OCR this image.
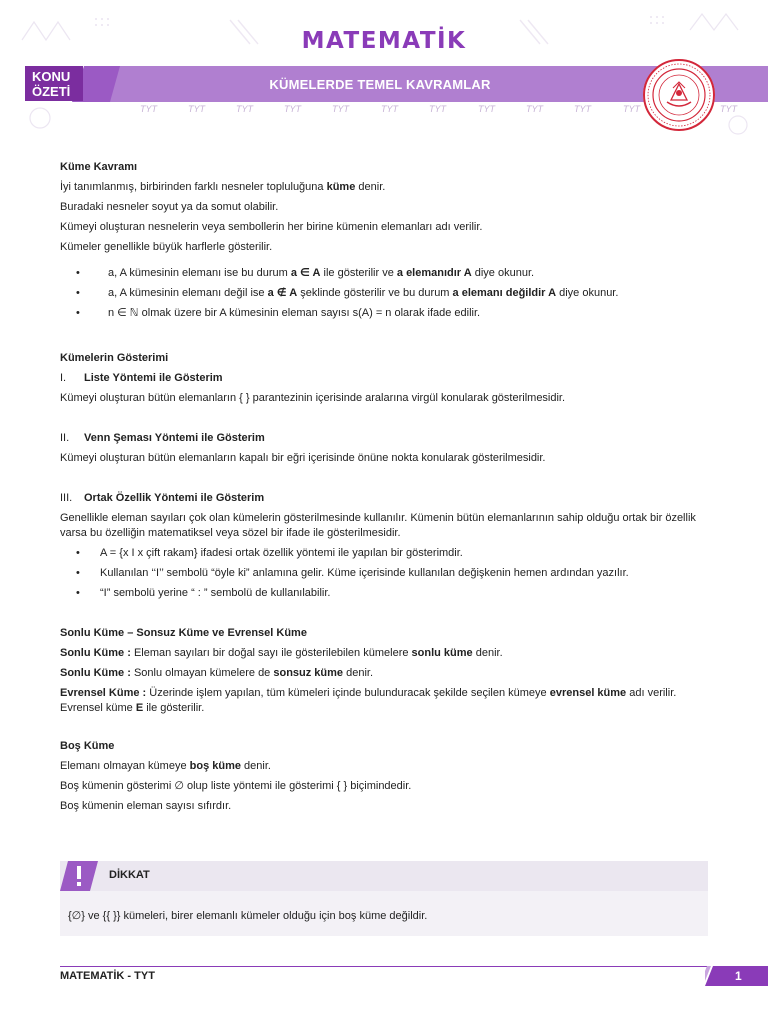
MATEMATİK
KONU
ÖZETİ	KÜMELERDE TEMEL KAVRAMLAR
TYT	TYT	TYT	TYT	TYT	TYT	TYT	TYT	TYT	TYT	TYT	TYT

Küme Kavramı

İyi tanımlanmış, birbirinden farklı nesneler topluluğuna küme denir.

Buradaki nesneler soyut ya da somut olabilir.

Kümeyi oluşturan nesnelerin veya sembollerin her birine kümenin elemanları adı verilir.

Kümeler genellikle büyük harflerle gösterilir.

•	a, A kümesinin elemanı ise bu durum a ∈ A ile gösterilir ve a elemanıdır A diye okunur.

•	a, A kümesinin elemanı değil ise a ∉ A şeklinde gösterilir ve bu durum a elemanı değildir A diye okunur.

•	n ∈ ℕ olmak üzere bir A kümesinin eleman sayısı s(A) = n olarak ifade edilir.

Kümelerin Gösterimi

I. Liste Yöntemi ile Gösterim

Kümeyi oluşturan bütün elemanların { } parantezinin içerisinde aralarına virgül konularak gösterilmesidir.

II. Venn Şeması Yöntemi ile Gösterim

Kümeyi oluşturan bütün elemanların kapalı bir eğri içerisinde önüne nokta konularak gösterilmesidir.

III. Ortak Özellik Yöntemi ile Gösterim

Genellikle eleman sayıları çok olan kümelerin gösterilmesinde kullanılır. Kümenin bütün elemanlarının sahip olduğu ortak bir özellik varsa bu özelliğin matematiksel veya sözel bir ifade ile gösterilmesidir.

• A = {x I x çift rakam} ifadesi ortak özellik yöntemi ile yapılan bir gösterimdir.

• Kullanılan ‘‘I’’ sembolü “öyle ki” anlamına gelir. Küme içerisinde kullanılan değişkenin hemen ardından yazılır.

• “I” sembolü yerine “ : ” sembolü de kullanılabilir.

Sonlu Küme – Sonsuz Küme ve Evrensel Küme

Sonlu Küme : Eleman sayıları bir doğal sayı ile gösterilebilen kümelere sonlu küme denir.

Sonlu Küme : Sonlu olmayan kümelere de sonsuz küme denir.

Evrensel Küme : Üzerinde işlem yapılan, tüm kümeleri içinde bulunduracak şekilde seçilen kümeye evrensel küme adı verilir. Evrensel küme E ile gösterilir.

Boş Küme

Elemanı olmayan kümeye boş küme denir.

Boş kümenin gösterimi ∅ olup liste yöntemi ile gösterimi { } biçimindedir.

Boş kümenin eleman sayısı sıfırdır.

DİKKAT
{∅} ve {{ }} kümeleri, birer elemanlı kümeler olduğu için boş küme değildir.
MATEMATİK - TYT	1
